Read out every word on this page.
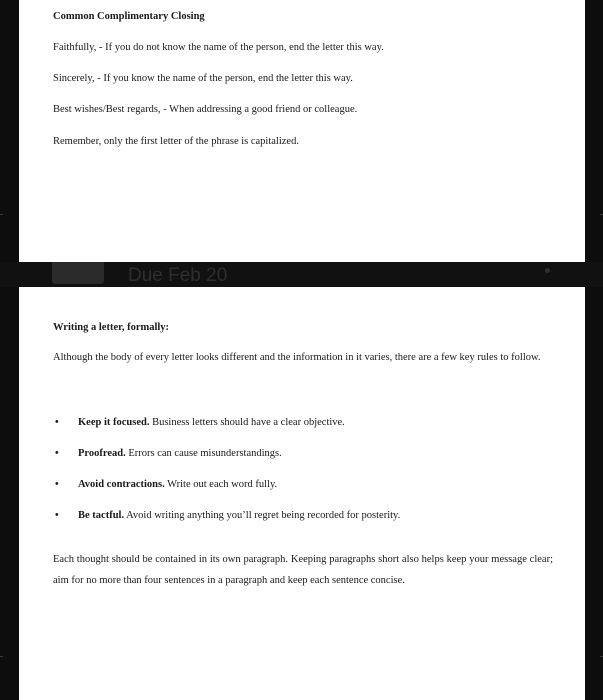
Common Complimentary Closing
Faithfully, - If you do not know the name of the person, end the letter this way.
Sincerely, - If you know the name of the person, end the letter this way.
Best wishes/Best regards, - When addressing a good friend or colleague.
Remember, only the first letter of the phrase is capitalized.
Due Feb 20
Writing a letter, formally:
Although the body of every letter looks different and the information in it varies, there are a few key rules to follow.
• Keep it focused. Business letters should have a clear objective.
• Proofread. Errors can cause misunderstandings.
• Avoid contractions. Write out each word fully.
• Be tactful. Avoid writing anything you’ll regret being recorded for posterity.
Each thought should be contained in its own paragraph. Keeping paragraphs short also helps keep your message clear; aim for no more than four sentences in a paragraph and keep each sentence concise.
